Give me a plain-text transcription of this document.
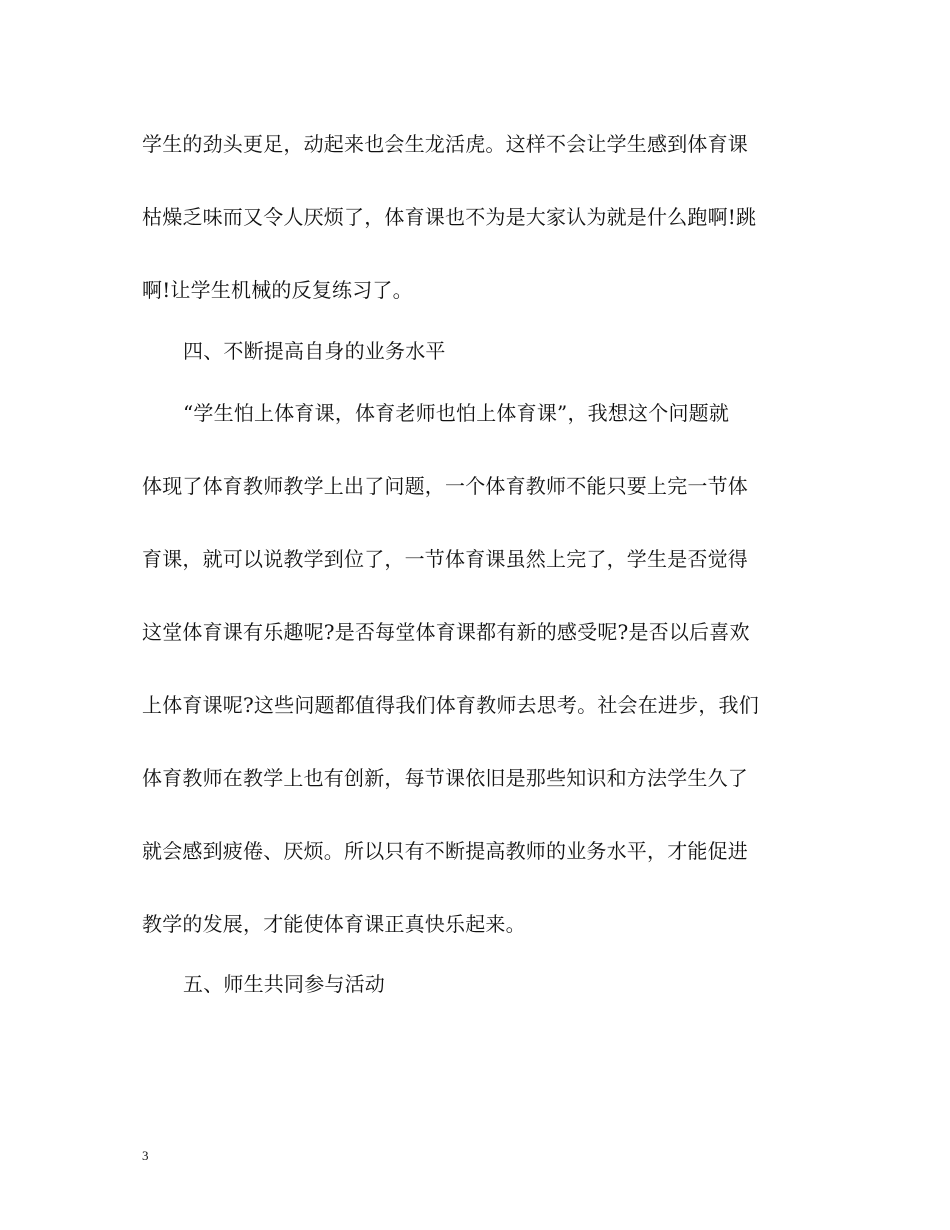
学生的劲头更足，动起来也会生龙活虎。这样不会让学生感到体育课
枯燥乏味而又令人厌烦了，体育课也不为是大家认为就是什么跑啊!跳
啊!让学生机械的反复练习了。
四、不断提高自身的业务水平
“学生怕上体育课，体育老师也怕上体育课”，我想这个问题就
体现了体育教师教学上出了问题，一个体育教师不能只要上完一节体
育课，就可以说教学到位了，一节体育课虽然上完了，学生是否觉得
这堂体育课有乐趣呢?是否每堂体育课都有新的感受呢?是否以后喜欢
上体育课呢?这些问题都值得我们体育教师去思考。社会在进步，我们
体育教师在教学上也有创新，每节课依旧是那些知识和方法学生久了
就会感到疲倦、厌烦。所以只有不断提高教师的业务水平，才能促进
教学的发展，才能使体育课正真快乐起来。
五、师生共同参与活动
3
